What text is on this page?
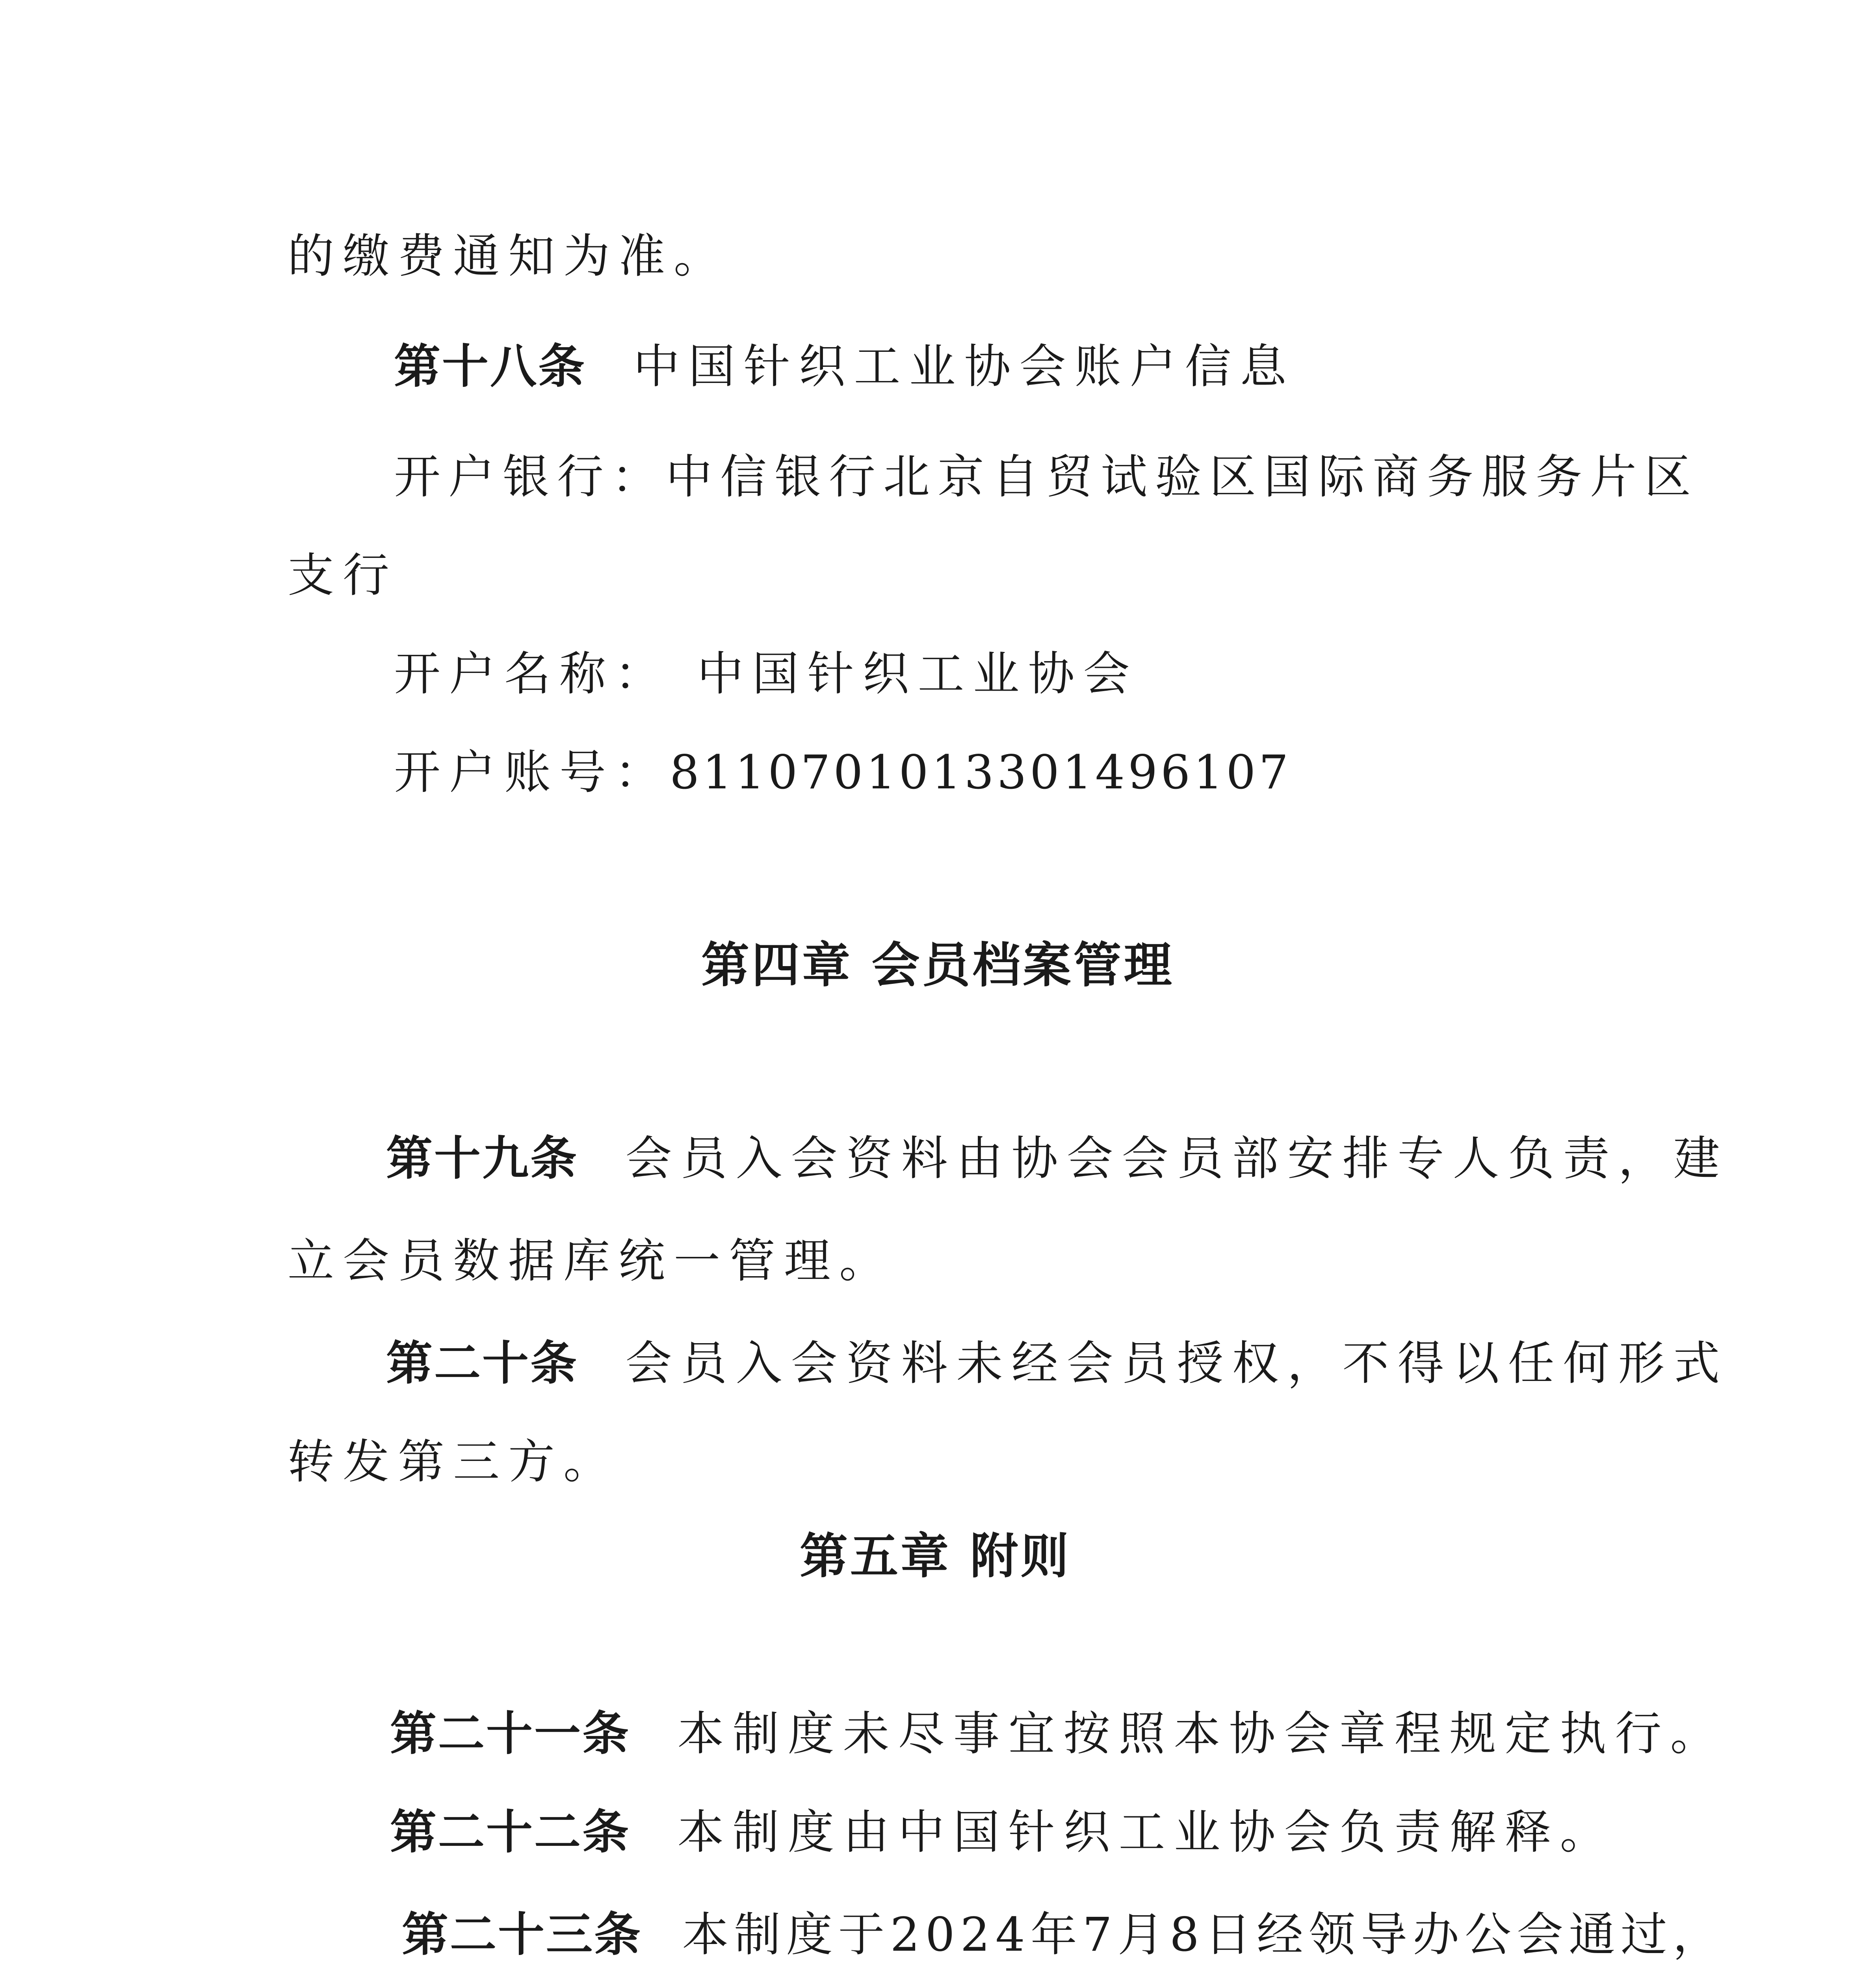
的缴费通知为准。
第十八条 中国针织工业协会账户信息
开户银行：中信银行北京自贸试验区国际商务服务片区
支行
开户名称： 中国针织工业协会
开户账号：8110701013301496107
第四章 会员档案管理
第十九条 会员入会资料由协会会员部安排专人负责，建
立会员数据库统一管理。
第二十条 会员入会资料未经会员授权，不得以任何形式
转发第三方。
第五章 附则
第二十一条 本制度未尽事宜按照本协会章程规定执行。
第二十二条 本制度由中国针织工业协会负责解释。
第二十三条 本制度于2024年7月8日经领导办公会通过，
